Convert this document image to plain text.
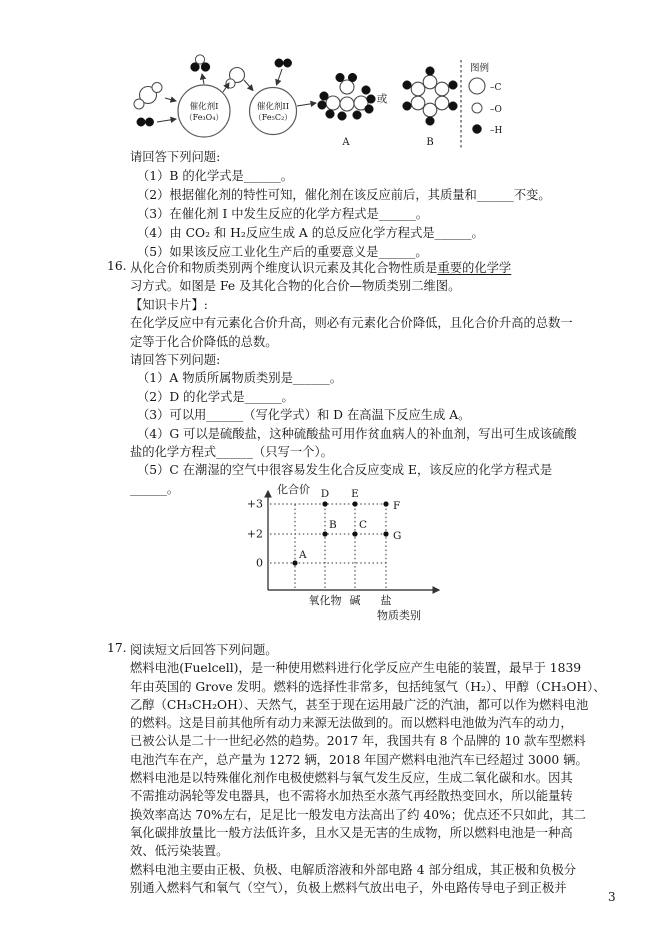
催化剂I
（Fe₃O₄）
催化剂II
（Fe₅C₂）
A
或
B
图例
–C
–O
–H
请回答下列问题:
（1）B 的化学式是______。
（2）根据催化剂的特性可知，催化剂在该反应前后，其质量和______不变。
（3）在催化剂 I 中发生反应的化学方程式是______。
（4）由 CO₂ 和 H₂反应生成 A 的总反应化学方程式是______。
（5）如果该反应工业化生产后的重要意义是______。
16. 从化合价和物质类别两个维度认识元素及其化合物性质是重要的化学学
习方式。如图是 Fe 及其化合物的化合价—物质类别二维图。
【知识卡片】:
在化学反应中有元素化合价升高，则必有元素化合价降低，且化合价升高的总数一
定等于化合价降低的总数。
请回答下列问题:
（1）A 物质所属物质类别是______。
（2）D 的化学式是______。
（3）可以用______（写化学式）和 D 在高温下反应生成 A。
（4）G 可以是硫酸盐，这种硫酸盐可用作贫血病人的补血剂，写出可生成该硫酸
盐的化学方程式______（只写一个）。
（5）C 在潮湿的空气中很容易发生化合反应变成 E，该反应的化学方程式是
______。	化合价
物质类别
+3
+2
0
A
B C
D E
F
G
氧化物 碱 盐
17. 阅读短文后回答下列问题。
燃料电池(Fuelcell)，是一种使用燃料进行化学反应产生电能的装置，最早于 1839
年由英国的 Grove 发明。燃料的选择性非常多，包括纯氢气（H₂）、甲醇（CH₃OH）、
乙醇（CH₃CH₂OH）、天然气，甚至于现在运用最广泛的汽油，都可以作为燃料电池
的燃料。这是目前其他所有动力来源无法做到的。而以燃料电池做为汽车的动力，
已被公认是二十一世纪必然的趋势。2017 年，我国共有 8 个品牌的 10 款车型燃料
电池汽车在产，总产量为 1272 辆，2018 年国产燃料电池汽车已经超过 3000 辆。
燃料电池是以特殊催化剂作电极使燃料与氧气发生反应，生成二氧化碳和水。因其
不需推动涡轮等发电器具，也不需将水加热至水蒸气再经散热变回水，所以能量转
换效率高达 70%左右，足足比一般发电方法高出了约 40%；优点还不只如此，其二
氧化碳排放量比一般方法低许多，且水又是无害的生成物，所以燃料电池是一种高
效、低污染装置。
燃料电池主要由正极、负极、电解质溶液和外部电路 4 部分组成，其正极和负极分
别通入燃料气和氧气（空气），负极上燃料气放出电子，外电路传导电子到正极并
3
